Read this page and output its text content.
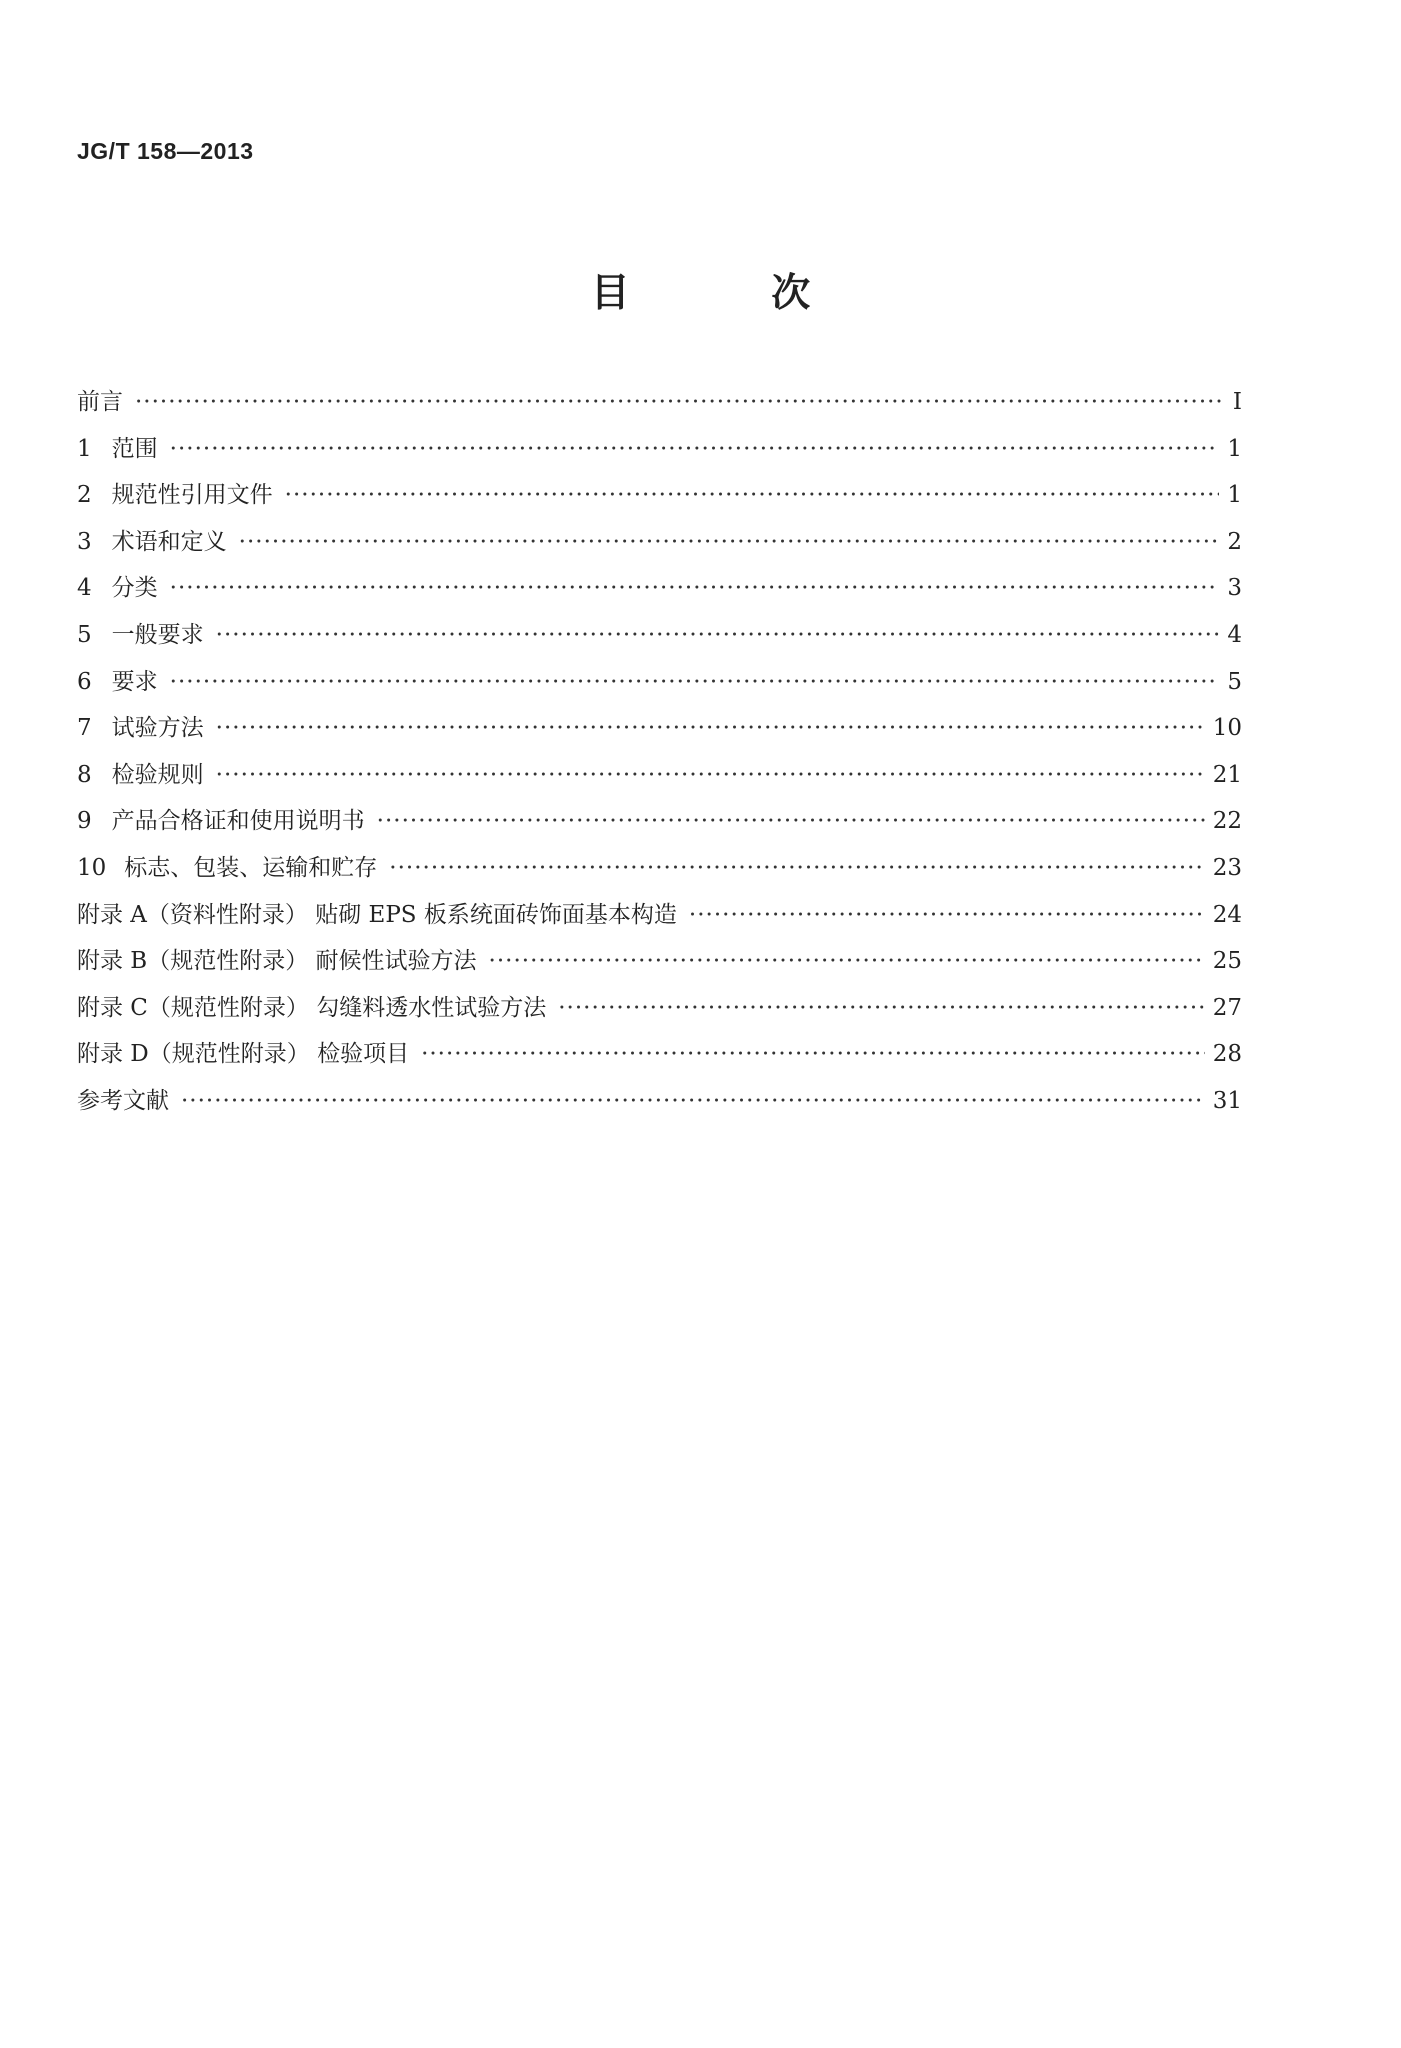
JG/T 158—2013
目 次
前言 ·····	Ⅰ
1 范围 ·····	1
2 规范性引用文件 ·····	1
3 术语和定义 ·····	2
4 分类 ·····	3
5 一般要求 ·····	4
6 要求 ·····	5
7 试验方法 ·····	10
8 检验规则 ·····	21
9 产品合格证和使用说明书 ·····	22
10 标志、包装、运输和贮存 ·····	23
附录 A（资料性附录） 贴砌 EPS 板系统面砖饰面基本构造 ·····	24
附录 B（规范性附录） 耐候性试验方法 ·····	25
附录 C（规范性附录） 勾缝料透水性试验方法 ·····	27
附录 D（规范性附录） 检验项目 ·····	28
参考文献 ·····	31
